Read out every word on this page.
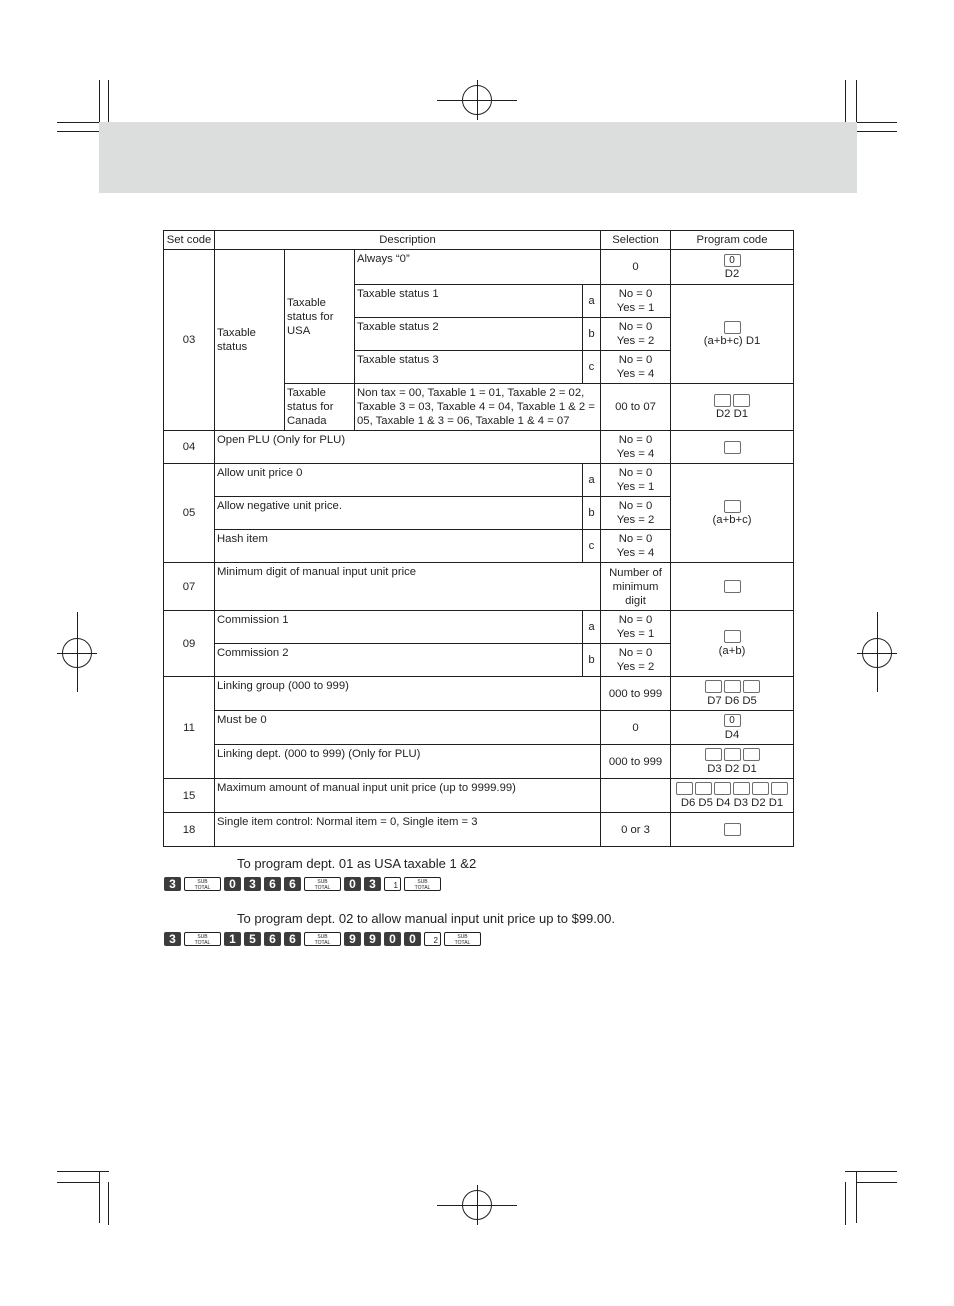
Set code	Description				Selection	Program code
03	Taxable status	Taxable status for USA	Always “0”		0	0
D2
			Taxable status 1	a	No = 0
Yes = 1	(a+b+c) D1
			Taxable status 2	b	No = 0
Yes = 2	
			Taxable status 3	c	No = 0
Yes = 4	
		Taxable status for Canada	Non tax = 00, Taxable 1 = 01, Taxable 2 = 02, Taxable 3 = 03, Taxable 4 = 04, Taxable 1 & 2 = 05, Taxable 1 & 3 = 06, Taxable 1 & 4 = 07		00 to 07	D2 D1
04	Open PLU (Only for PLU)				No = 0
Yes = 4	
05	Allow unit price 0			a	No = 0
Yes = 1	(a+b+c)
	Allow negative unit price.			b	No = 0
Yes = 2	
	Hash item			c	No = 0
Yes = 4	
07	Minimum digit of manual input unit price				Number of minimum digit	
09	Commission 1			a	No = 0
Yes = 1	(a+b)
	Commission 2			b	No = 0
Yes = 2	
11	Linking group (000 to 999)				000 to 999	D7 D6 D5
	Must be 0				0	0
D4
	Linking dept. (000 to 999) (Only for PLU)				000 to 999	D3 D2 D1
15	Maximum amount of manual input unit price (up to 9999.99)					D6 D5 D4 D3 D2 D1
18	Single item control: Normal item = 0, Single item = 3				0 or 3	
To program dept. 01 as USA taxable 1 &2
3	SUB
TOTAL	0	3	6	6	SUB
TOTAL	0	3	1	SUB
TOTAL
To program dept. 02 to allow manual input unit price up to $99.00.
3	SUB
TOTAL	1	5	6	6	SUB
TOTAL	9	9	0	0	2	SUB
TOTAL
